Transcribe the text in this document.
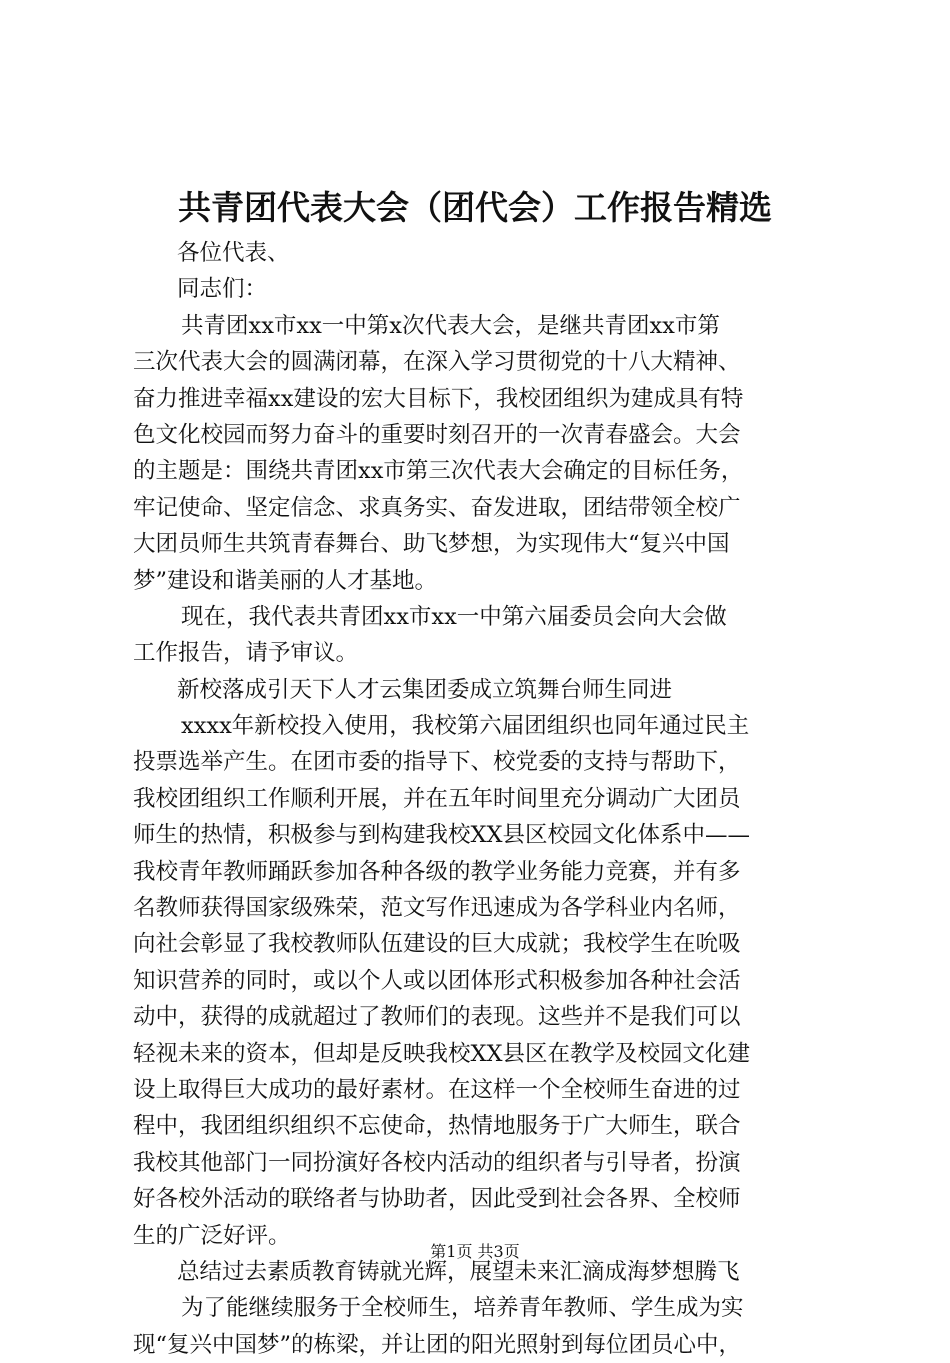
共青团代表大会（团代会）工作报告精选
各位代表、
同志们：
共青团xx市xx一中第x次代表大会，是继共青团xx市第
三次代表大会的圆满闭幕，在深入学习贯彻党的十八大精神、
奋力推进幸福xx建设的宏大目标下，我校团组织为建成具有特
色文化校园而努力奋斗的重要时刻召开的一次青春盛会。大会
的主题是：围绕共青团xx市第三次代表大会确定的目标任务，
牢记使命、坚定信念、求真务实、奋发进取，团结带领全校广
大团员师生共筑青春舞台、助飞梦想，为实现伟大“复兴中国
梦”建设和谐美丽的人才基地。
现在，我代表共青团xx市xx一中第六届委员会向大会做
工作报告，请予审议。
新校落成引天下人才云集团委成立筑舞台师生同进
xxxx年新校投入使用，我校第六届团组织也同年通过民主
投票选举产生。在团市委的指导下、校党委的支持与帮助下，
我校团组织工作顺利开展，并在五年时间里充分调动广大团员
师生的热情，积极参与到构建我校XX县区校园文化体系中——
我校青年教师踊跃参加各种各级的教学业务能力竞赛，并有多
名教师获得国家级殊荣，范文写作迅速成为各学科业内名师，
向社会彰显了我校教师队伍建设的巨大成就；我校学生在吮吸
知识营养的同时，或以个人或以团体形式积极参加各种社会活
动中，获得的成就超过了教师们的表现。这些并不是我们可以
轻视未来的资本，但却是反映我校XX县区在教学及校园文化建
设上取得巨大成功的最好素材。在这样一个全校师生奋进的过
程中，我团组织组织不忘使命，热情地服务于广大师生，联合
我校其他部门一同扮演好各校内活动的组织者与引导者，扮演
好各校外活动的联络者与协助者，因此受到社会各界、全校师
生的广泛好评。
总结过去素质教育铸就光辉，展望未来汇滴成海梦想腾飞
为了能继续服务于全校师生，培养青年教师、学生成为实
现“复兴中国梦”的栋梁，并让团的阳光照射到每位团员心中，
第1页 共3页
